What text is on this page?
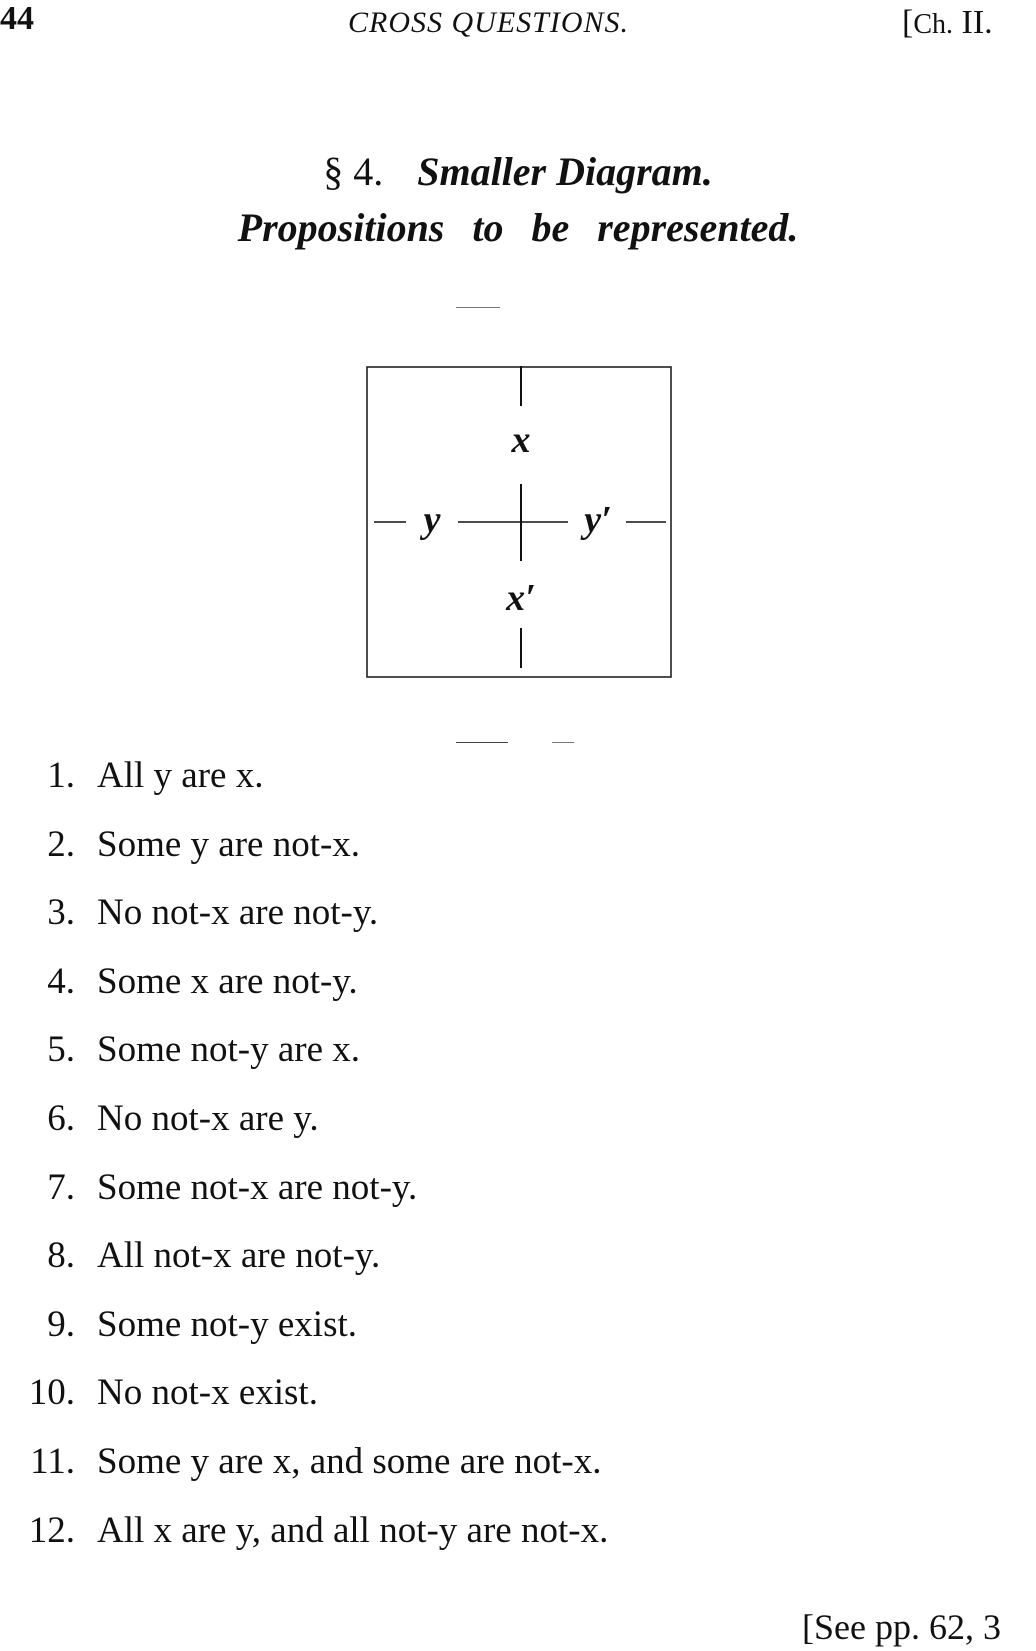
44	CROSS QUESTIONS.	[Ch. II.
§ 4. Smaller Diagram.
Propositions to be represented.
x
x′
y	y′
1. All y are x.
2. Some y are not-x.
3. No not-x are not-y.
4. Some x are not-y.
5. Some not-y are x.
6. No not-x are y.
7. Some not-x are not-y.
8. All not-x are not-y.
9. Some not-y exist.
10. No not-x exist.
11. Some y are x, and some are not-x.
12. All x are y, and all not-y are not-x.
[See pp. 62, 3
